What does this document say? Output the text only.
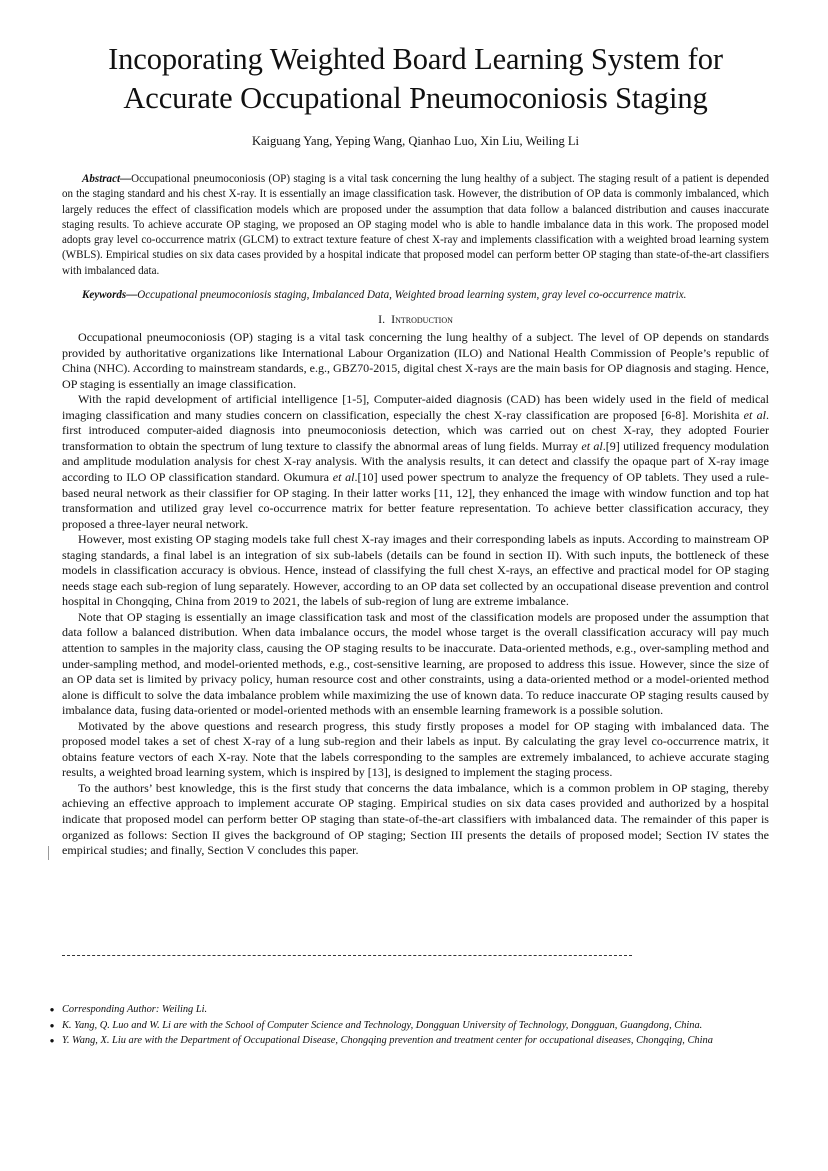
Incoporating Weighted Board Learning System for Accurate Occupational Pneumoconiosis Staging
Kaiguang Yang, Yeping Wang, Qianhao Luo, Xin Liu, Weiling Li
Abstract—Occupational pneumoconiosis (OP) staging is a vital task concerning the lung healthy of a subject. The staging result of a patient is depended on the staging standard and his chest X-ray. It is essentially an image classification task. However, the distribution of OP data is commonly imbalanced, which largely reduces the effect of classification models which are proposed under the assumption that data follow a balanced distribution and causes inaccurate staging results. To achieve accurate OP staging, we proposed an OP staging model who is able to handle imbalance data in this work. The proposed model adopts gray level co-occurrence matrix (GLCM) to extract texture feature of chest X-ray and implements classification with a weighted broad learning system (WBLS). Empirical studies on six data cases provided by a hospital indicate that proposed model can perform better OP staging than state-of-the-art classifiers with imbalanced data.
Keywords—Occupational pneumoconiosis staging, Imbalanced Data, Weighted broad learning system, gray level co-occurrence matrix.
I. Introduction

Occupational pneumoconiosis (OP) staging is a vital task concerning the lung healthy of a subject. The level of OP depends on standards provided by authoritative organizations like International Labour Organization (ILO) and National Health Commission of People’s republic of China (NHC). According to mainstream standards, e.g., GBZ70-2015, digital chest X-rays are the main basis for OP diagnosis and staging. Hence, OP staging is essentially an image classification.

With the rapid development of artificial intelligence [1-5], Computer-aided diagnosis (CAD) has been widely used in the field of medical imaging classification and many studies concern on classification, especially the chest X-ray classification are proposed [6-8]. Morishita et al. first introduced computer-aided diagnosis into pneumoconiosis detection, which was carried out on chest X-ray, they adopted Fourier transformation to obtain the spectrum of lung texture to classify the abnormal areas of lung fields. Murray et al.[9] utilized frequency modulation and amplitude modulation analysis for chest X-ray analysis. With the analysis results, it can detect and classify the opaque part of X-ray image according to ILO OP classification standard. Okumura et al.[10] used power spectrum to analyze the frequency of OP tablets. They used a rule-based neural network as their classifier for OP staging. In their latter works [11, 12], they enhanced the image with window function and top hat transformation and utilized gray level co-occurrence matrix for better feature representation. To achieve better classification accuracy, they proposed a three-layer neural network.

However, most existing OP staging models take full chest X-ray images and their corresponding labels as inputs. According to mainstream OP staging standards, a final label is an integration of six sub-labels (details can be found in section II). With such inputs, the bottleneck of these models in classification accuracy is obvious. Hence, instead of classifying the full chest X-rays, an effective and practical model for OP staging needs stage each sub-region of lung separately. However, according to an OP data set collected by an occupational disease prevention and control hospital in Chongqing, China from 2019 to 2021, the labels of sub-region of lung are extreme imbalance.

Note that OP staging is essentially an image classification task and most of the classification models are proposed under the assumption that data follow a balanced distribution. When data imbalance occurs, the model whose target is the overall classification accuracy will pay much attention to samples in the majority class, causing the OP staging results to be inaccurate. Data-oriented methods, e.g., over-sampling method and under-sampling method, and model-oriented methods, e.g., cost-sensitive learning, are proposed to address this issue. However, since the size of an OP data set is limited by privacy policy, human resource cost and other constraints, using a data-oriented method or a model-oriented method alone is difficult to solve the data imbalance problem while maximizing the use of known data. To reduce inaccurate OP staging results caused by imbalance data, fusing data-oriented or model-oriented methods with an ensemble learning framework is a possible solution.

Motivated by the above questions and research progress, this study firstly proposes a model for OP staging with imbalanced data. The proposed model takes a set of chest X-ray of a lung sub-region and their labels as input. By calculating the gray level co-occurrence matrix, it obtains feature vectors of each X-ray. Note that the labels corresponding to the samples are extremely imbalanced, to achieve accurate staging results, a weighted broad learning system, which is inspired by [13], is designed to implement the staging process.

To the authors’ best knowledge, this is the first study that concerns the data imbalance, which is a common problem in OP staging, thereby achieving an effective approach to implement accurate OP staging. Empirical studies on six data cases provided and authorized by a hospital indicate that proposed model can perform better OP staging than state-of-the-art classifiers with imbalanced data. The remainder of this paper is organized as follows: Section II gives the background of OP staging; Section III presents the details of proposed model; Section IV states the empirical studies; and finally, Section V concludes this paper.

● Corresponding Author: Weiling Li.
● K. Yang, Q. Luo and W. Li are with the School of Computer Science and Technology, Dongguan University of Technology, Dongguan, Guangdong, China.
● Y. Wang, X. Liu are with the Department of Occupational Disease, Chongqing prevention and treatment center for occupational diseases, Chongqing, China
